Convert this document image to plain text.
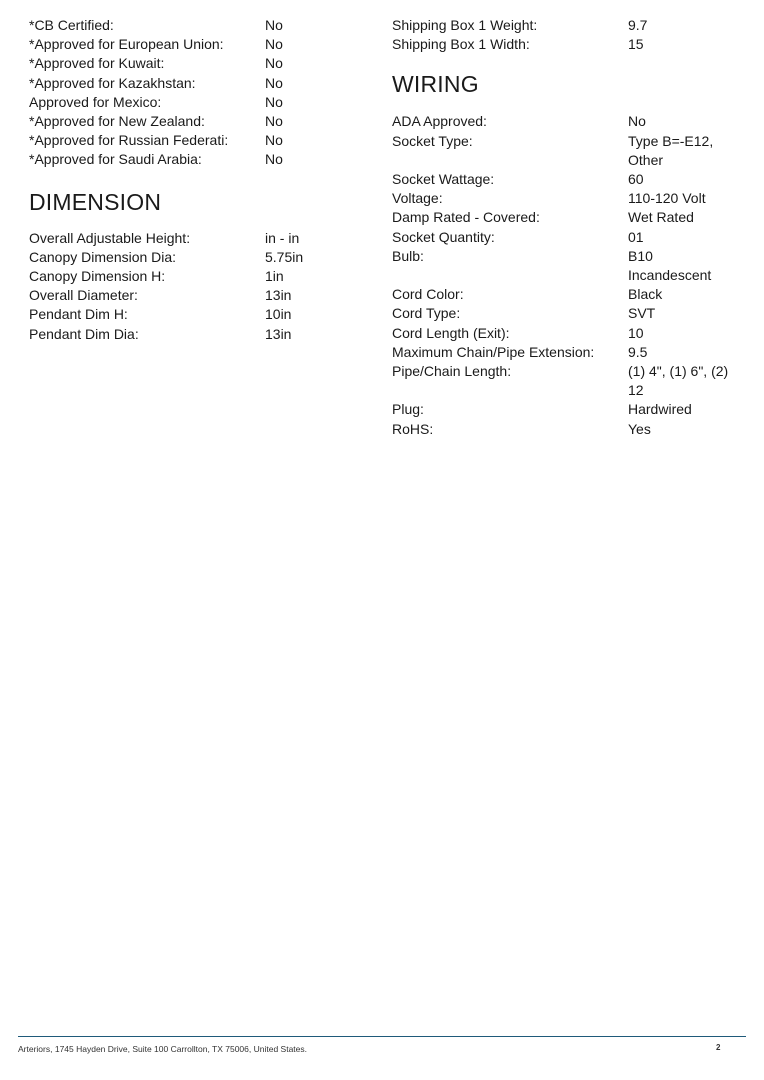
*CB Certified:	No
*Approved for European Union:	No
*Approved for Kuwait:	No
*Approved for Kazakhstan:	No
Approved for Mexico:	No
*Approved for New Zealand:	No
*Approved for Russian Federati:	No
*Approved for Saudi Arabia:	No
DIMENSION
Overall Adjustable Height:	in - in
Canopy Dimension Dia:	5.75in
Canopy Dimension H:	1in
Overall Diameter:	13in
Pendant Dim H:	10in
Pendant Dim Dia:	13in
Shipping Box 1 Weight:	9.7
Shipping Box 1 Width:	15
WIRING
ADA Approved:	No
Socket Type:	Type B=-E12,
Other
Socket Wattage:	60
Voltage:	110-120 Volt
Damp Rated - Covered:	Wet Rated
Socket Quantity:	01
Bulb:	B10
Incandescent
Cord Color:	Black
Cord Type:	SVT
Cord Length (Exit):	10
Maximum Chain/Pipe Extension:	9.5
Pipe/Chain Length:	(1) 4", (1) 6", (2)
12
Plug:	Hardwired
RoHS:	Yes
Arteriors, 1745 Hayden Drive, Suite 100 Carrollton, TX 75006, United States.	2
